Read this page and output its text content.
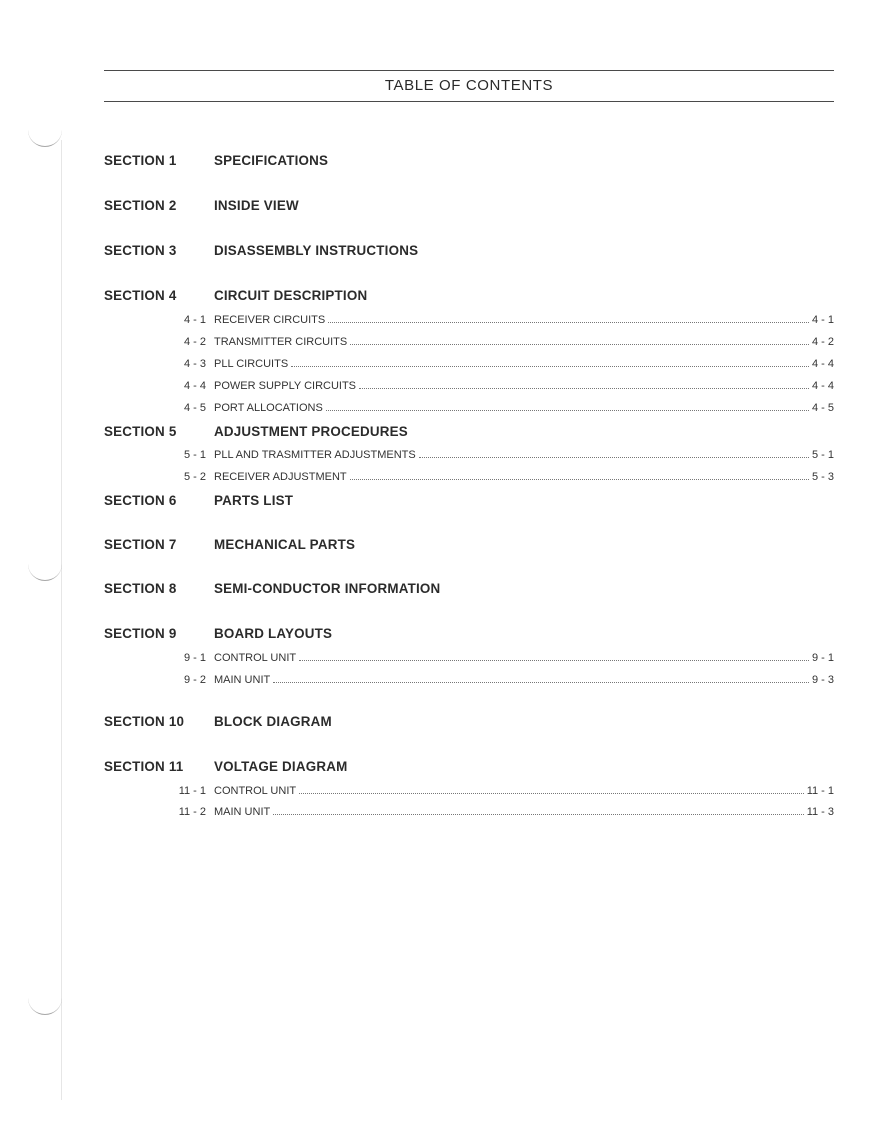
TABLE OF CONTENTS
SECTION 1	SPECIFICATIONS
SECTION 2	INSIDE VIEW
SECTION 3	DISASSEMBLY INSTRUCTIONS
SECTION 4	CIRCUIT DESCRIPTION
4 - 1 RECEIVER CIRCUITS	4 - 1
4 - 2 TRANSMITTER CIRCUITS	4 - 2
4 - 3 PLL CIRCUITS	4 - 4
4 - 4 POWER SUPPLY CIRCUITS	4 - 4
4 - 5 PORT ALLOCATIONS	4 - 5
SECTION 5	ADJUSTMENT PROCEDURES
5 - 1 PLL AND TRASMITTER ADJUSTMENTS	5 - 1
5 - 2 RECEIVER ADJUSTMENT	5 - 3
SECTION 6	PARTS LIST
SECTION 7	MECHANICAL PARTS
SECTION 8	SEMI-CONDUCTOR INFORMATION
SECTION 9	BOARD LAYOUTS
9 - 1 CONTROL UNIT	9 - 1
9 - 2 MAIN UNIT	9 - 3
SECTION 10 BLOCK DIAGRAM
SECTION 11 VOLTAGE DIAGRAM
11 - 1 CONTROL UNIT	11 - 1
11 - 2 MAIN UNIT	11 - 3
